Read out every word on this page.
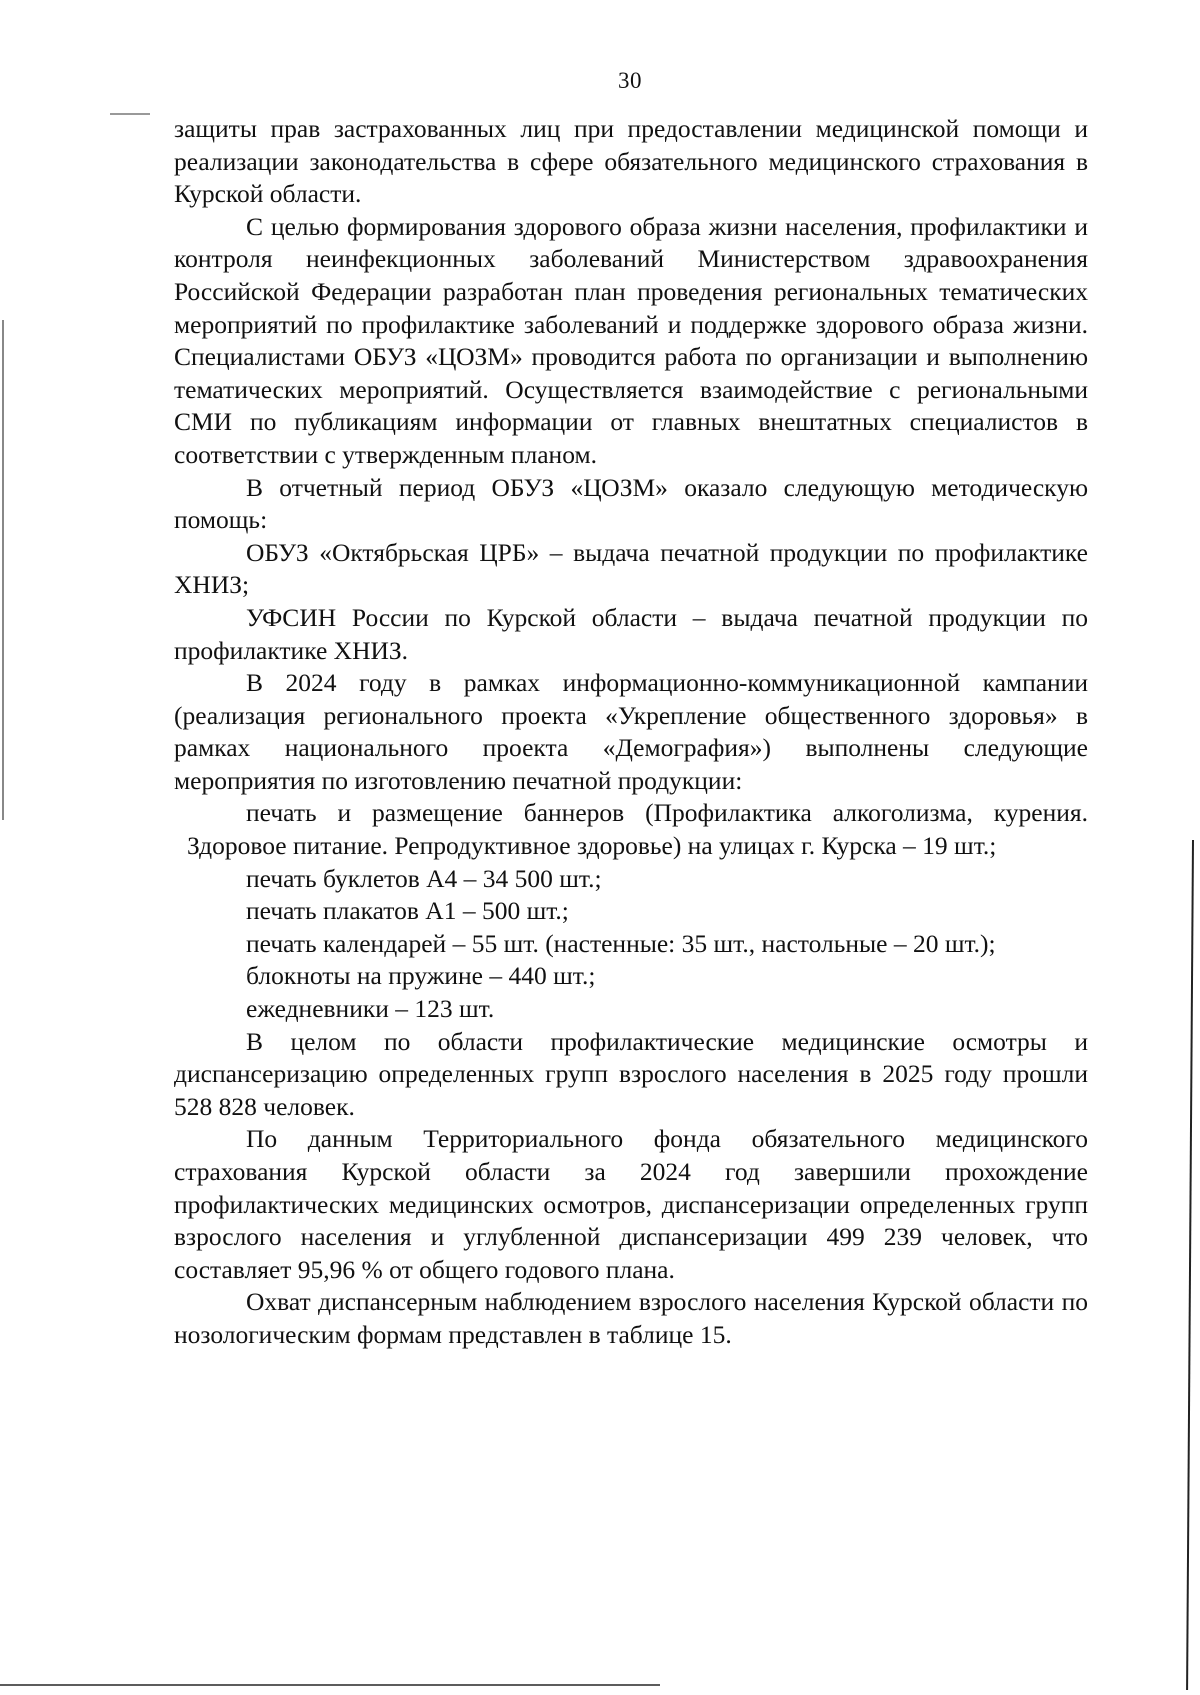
30

защиты прав застрахованных лиц при предоставлении медицинской помощи и реализации законодательства в сфере обязательного медицинского страхования в Курской области.

С целью формирования здорового образа жизни населения, профилактики и контроля неинфекционных заболеваний Министерством здравоохранения Российской Федерации разработан план проведения региональных тематических мероприятий по профилактике заболеваний и поддержке здорового образа жизни. Специалистами ОБУЗ «ЦОЗМ» проводится работа по организации и выполнению тематических мероприятий. Осуществляется взаимодействие с региональными СМИ по публикациям информации от главных внештатных специалистов в соответствии с утвержденным планом.

В отчетный период ОБУЗ «ЦОЗМ» оказало следующую методическую помощь:

ОБУЗ «Октябрьская ЦРБ» – выдача печатной продукции по профилактике ХНИЗ;

УФСИН России по Курской области – выдача печатной продукции по профилактике ХНИЗ.

В 2024 году в рамках информационно-коммуникационной кампании (реализация регионального проекта «Укрепление общественного здоровья» в рамках национального проекта «Демография») выполнены следующие мероприятия по изготовлению печатной продукции:

печать и размещение баннеров (Профилактика алкоголизма, курения. Здоровое питание. Репродуктивное здоровье) на улицах г. Курска – 19 шт.;

печать буклетов А4 – 34 500 шт.;

печать плакатов А1 – 500 шт.;

печать календарей – 55 шт. (настенные: 35 шт., настольные – 20 шт.);

блокноты на пружине – 440 шт.;

ежедневники – 123 шт.

В целом по области профилактические медицинские осмотры и диспансеризацию определенных групп взрослого населения в 2025 году прошли 528 828 человек.

По данным Территориального фонда обязательного медицинского страхования Курской области за 2024 год завершили прохождение профилактических медицинских осмотров, диспансеризации определенных групп взрослого населения и углубленной диспансеризации 499 239 человек, что составляет 95,96 % от общего годового плана.

Охват диспансерным наблюдением взрослого населения Курской области по нозологическим формам представлен в таблице 15.
